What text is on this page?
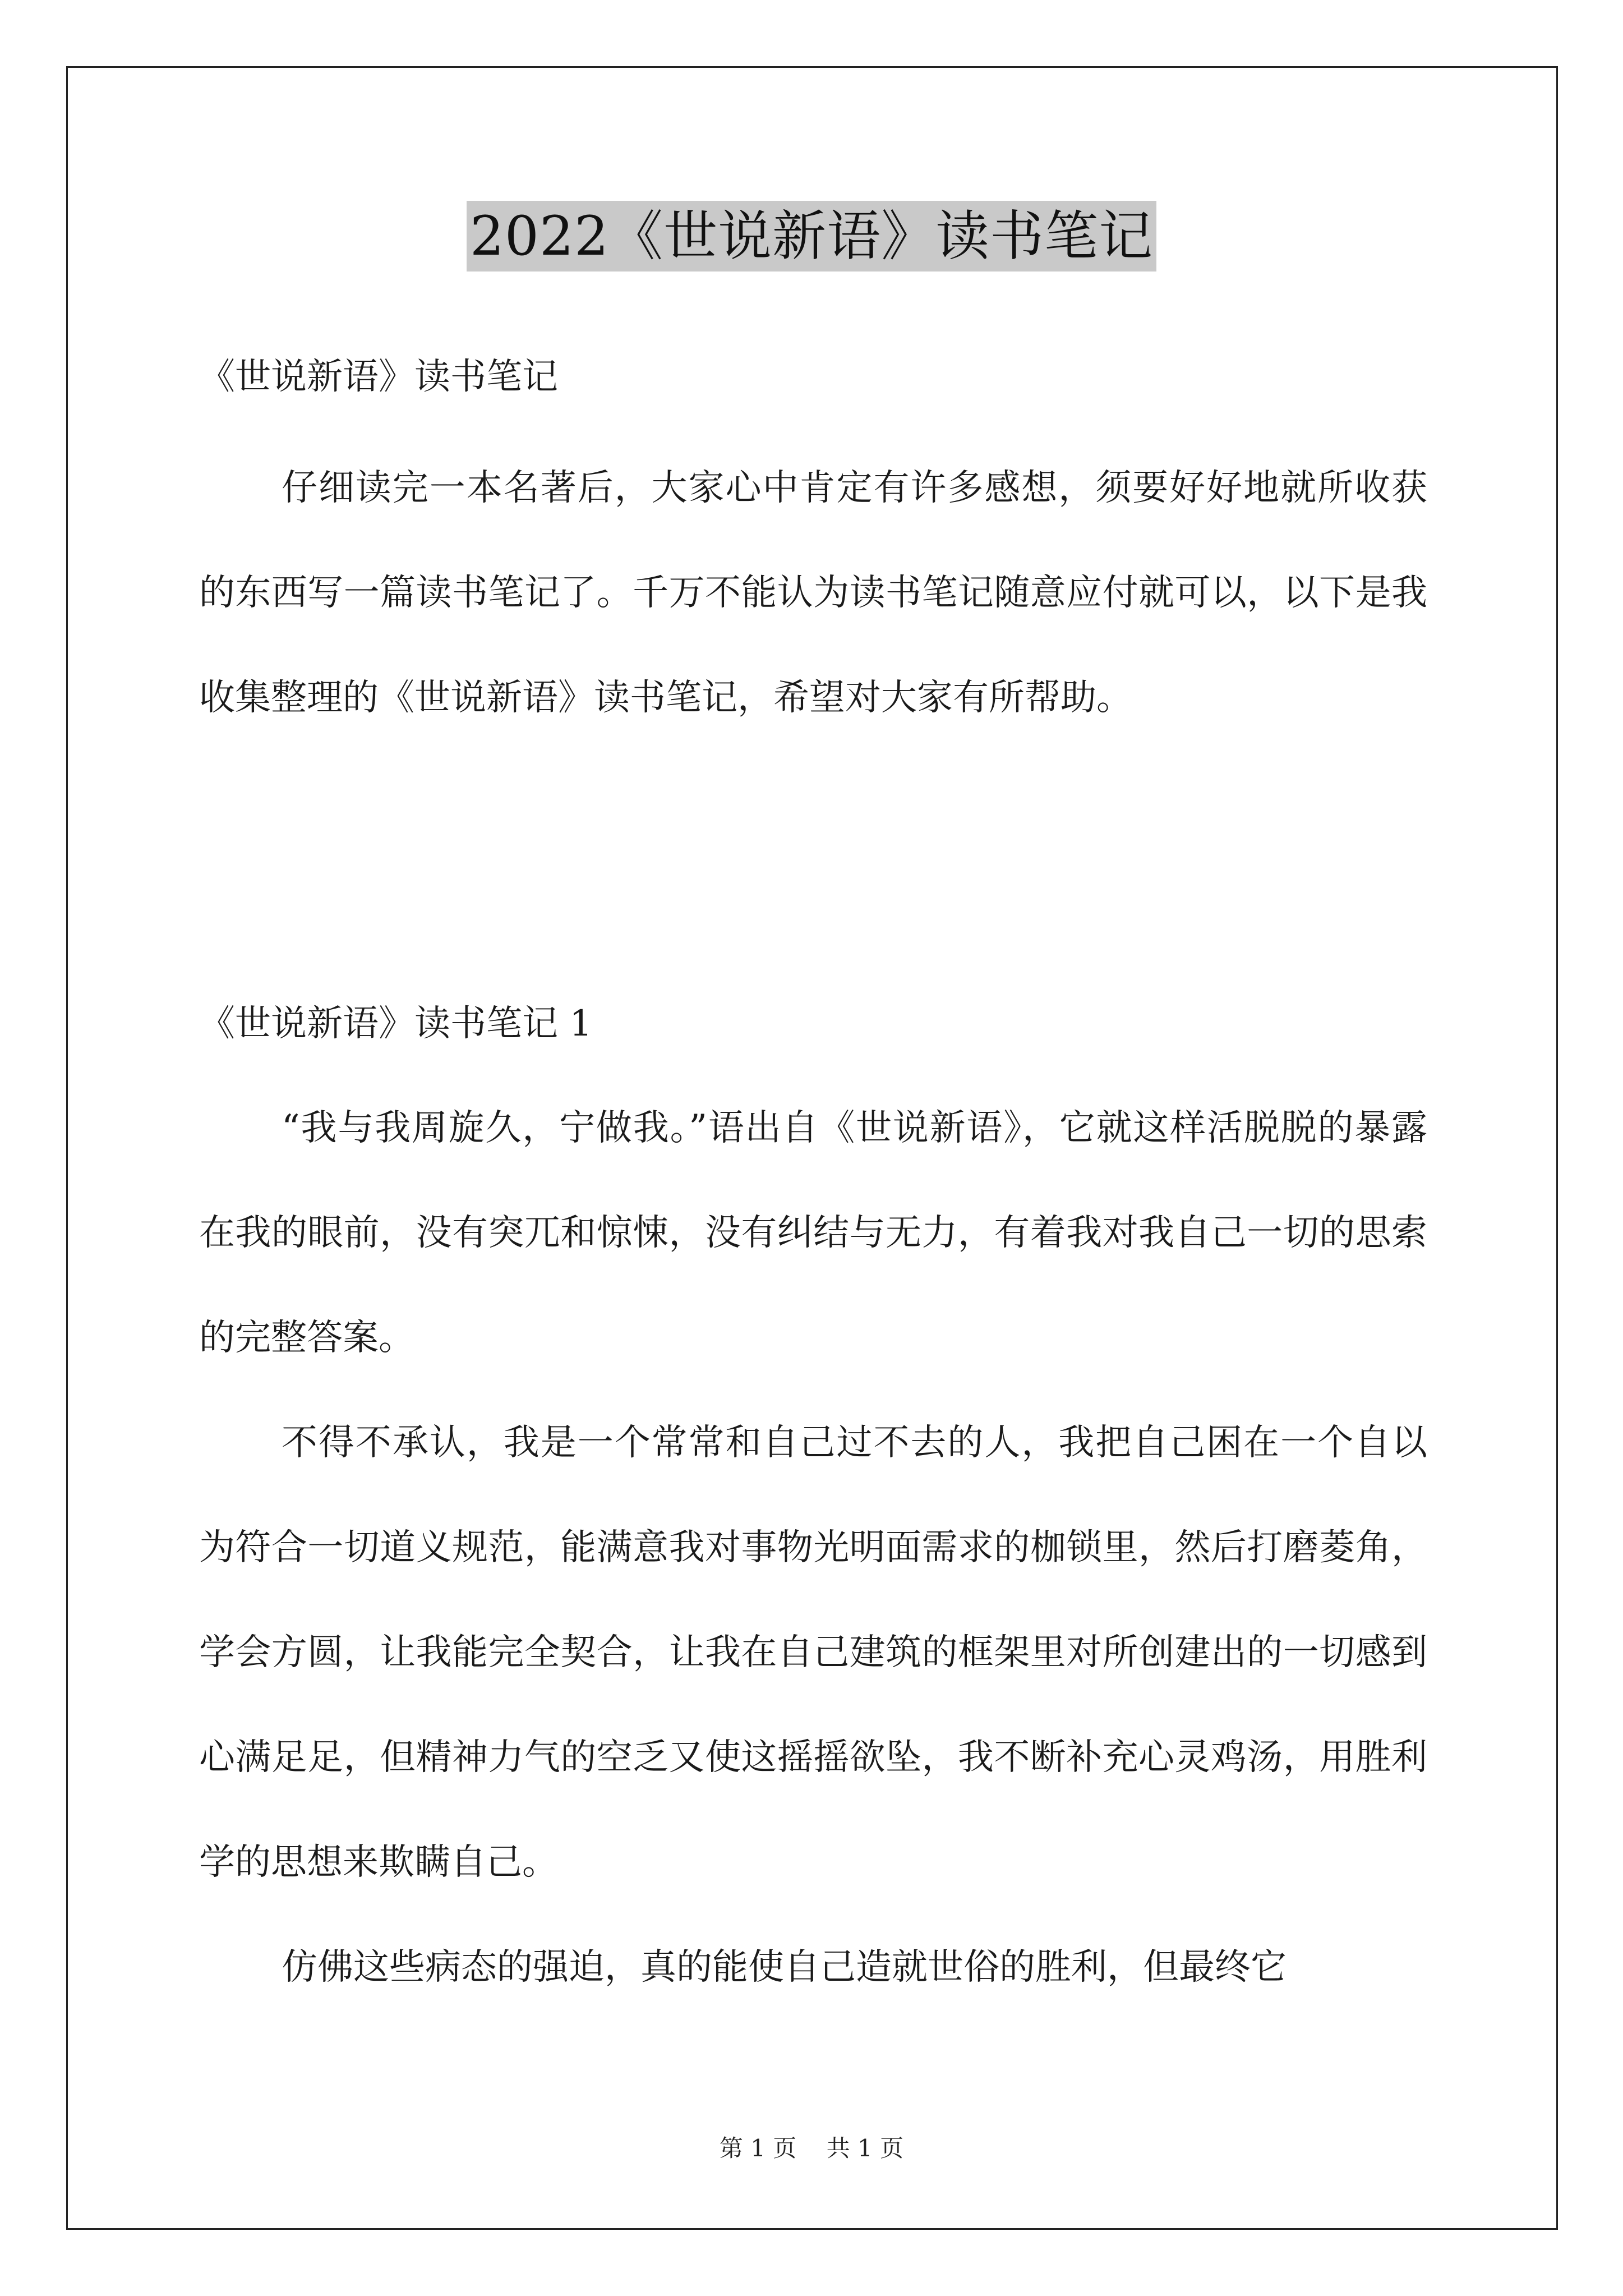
2022《世说新语》读书笔记

《世说新语》读书笔记

仔细读完一本名著后，大家心中肯定有许多感想，须要好好地就所收获的东西写一篇读书笔记了。千万不能认为读书笔记随意应付就可以，以下是我收集整理的《世说新语》读书笔记，希望对大家有所帮助。

《世说新语》读书笔记 1

“我与我周旋久，宁做我。”语出自《世说新语》，它就这样活脱脱的暴露在我的眼前，没有突兀和惊悚，没有纠结与无力，有着我对我自己一切的思索的完整答案。

不得不承认，我是一个常常和自己过不去的人，我把自己困在一个自以为符合一切道义规范，能满意我对事物光明面需求的枷锁里，然后打磨菱角，学会方圆，让我能完全契合，让我在自己建筑的框架里对所创建出的一切感到心满足足，但精神力气的空乏又使这摇摇欲坠，我不断补充心灵鸡汤，用胜利学的思想来欺瞒自己。

仿佛这些病态的强迫，真的能使自己造就世俗的胜利，但最终它

第 1 页 共 1 页
